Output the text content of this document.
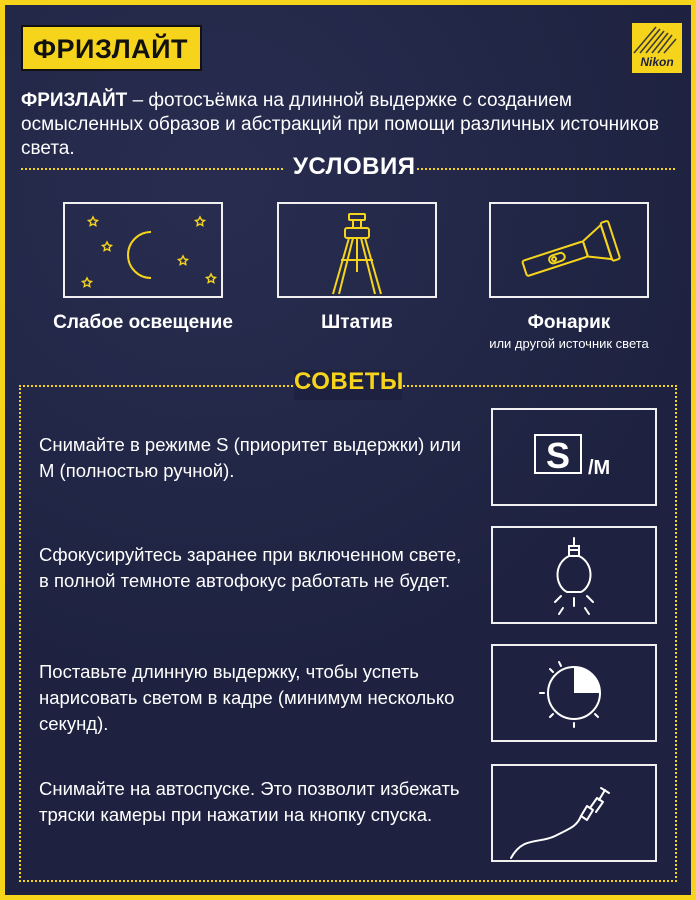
ФРИЗЛАЙТ	Nikon
ФРИЗЛАЙТ – фотосъёмка на длинной выдержке с созданием осмысленных образов и абстракций при помощи различных источников света.
УСЛОВИЯ
Слабое освещение	Штатив	Фонарик
или другой источник света
СОВЕТЫ
Снимайте в режиме S (приоритет выдержки) или M (полностью ручной).	S /M
Сфокусируйтесь заранее при включенном свете, в полной темноте автофокус работать не будет.
Поставьте длинную выдержку, чтобы успеть нарисовать светом в кадре (минимум несколько секунд).
Снимайте на автоспуске. Это позволит избежать тряски камеры при нажатии на кнопку спуска.
